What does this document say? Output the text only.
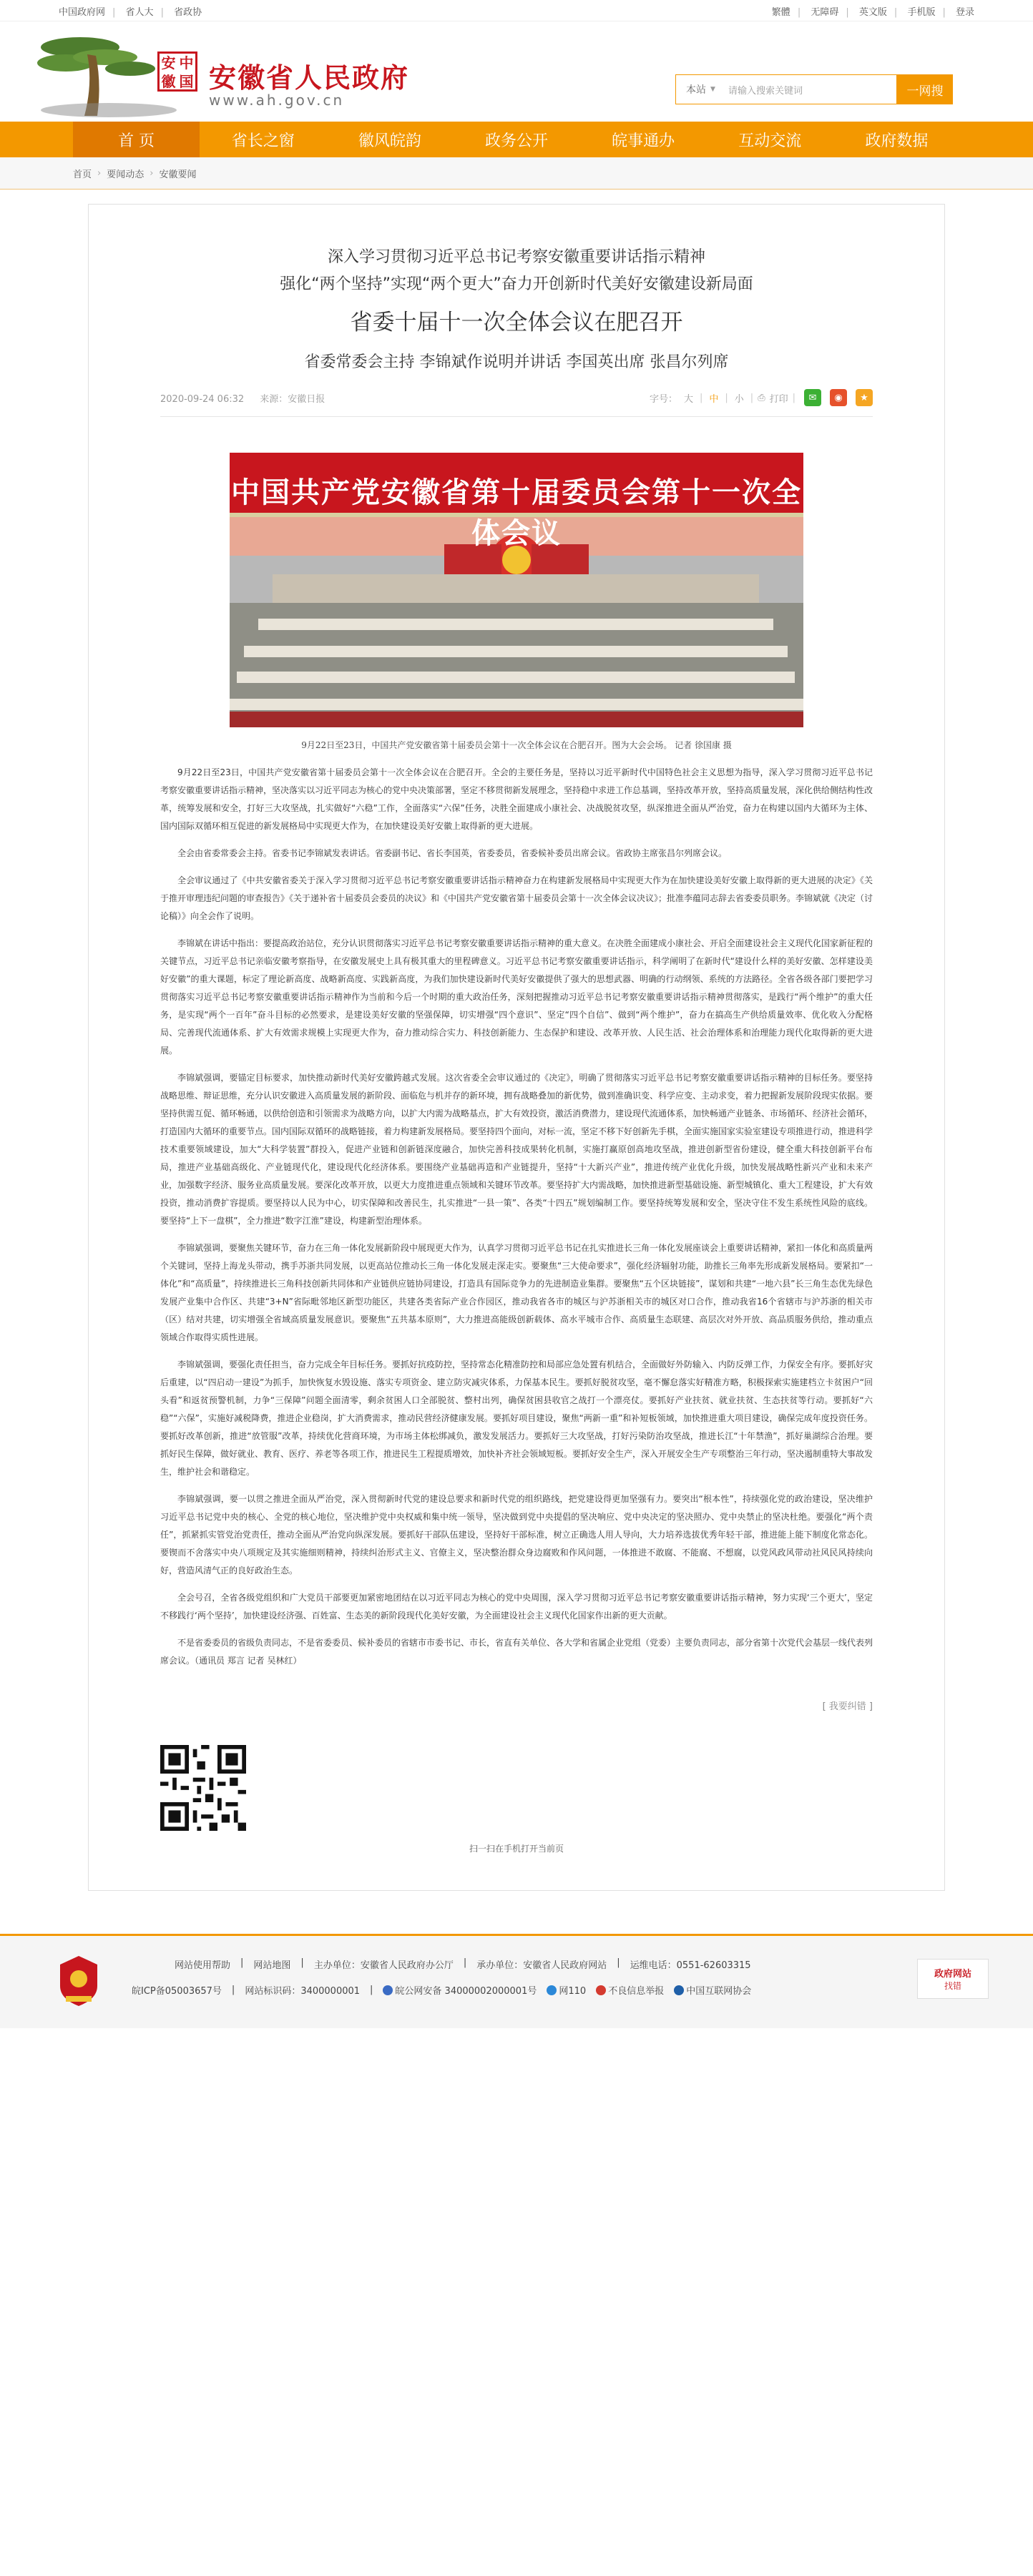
中国政府网 | 省人大 | 省政协	繁體 | 无障碍 | 英文版 | 手机版 | 登录
安 中
徽 国 安徽省人民政府
www.ah.gov.cn
本站 ▼ 请输入搜索关键词	一网搜
首 页	省长之窗	徽风皖韵	政务公开	皖事通办	互动交流	政府数据
首页 › 要闻动态 › 安徽要闻
深入学习贯彻习近平总书记考察安徽重要讲话指示精神
强化“两个坚持”实现“两个更大”奋力开创新时代美好安徽建设新局面
省委十届十一次全体会议在肥召开
省委常委会主持 李锦斌作说明并讲话 李国英出席 张昌尔列席
2020-09-24 06:32 来源：安徽日报	字号： 大 | 中 | 小 | ⎙ 打印 |	✉	◉	★
中国共产党安徽省第十届委员会第十一次全体会议
9月22日至23日，中国共产党安徽省第十届委员会第十一次全体会议在合肥召开。图为大会会场。 记者 徐国康 摄

9月22日至23日，中国共产党安徽省第十届委员会第十一次全体会议在合肥召开。全会的主要任务是，坚持以习近平新时代中国特色社会主义思想为指导，深入学习贯彻习近平总书记考察安徽重要讲话指示精神，坚决落实以习近平同志为核心的党中央决策部署，坚定不移贯彻新发展理念，坚持稳中求进工作总基调，坚持改革开放，坚持高质量发展，深化供给侧结构性改革，统筹发展和安全，打好三大攻坚战，扎实做好“六稳”工作，全面落实“六保”任务，决胜全面建成小康社会、决战脱贫攻坚，纵深推进全面从严治党，奋力在构建以国内大循环为主体、国内国际双循环相互促进的新发展格局中实现更大作为，在加快建设美好安徽上取得新的更大进展。

全会由省委常委会主持。省委书记李锦斌发表讲话。省委副书记、省长李国英，省委委员，省委候补委员出席会议。省政协主席张昌尔列席会议。

全会审议通过了《中共安徽省委关于深入学习贯彻习近平总书记考察安徽重要讲话指示精神奋力在构建新发展格局中实现更大作为在加快建设美好安徽上取得新的更大进展的决定》《关于推开审理违纪问题的审查报告》《关于递补省十届委员会委员的决议》和《中国共产党安徽省第十届委员会第十一次全体会议决议》；批准李蕴同志辞去省委委员职务。李锦斌就《决定（讨论稿）》向全会作了说明。

李锦斌在讲话中指出：要提高政治站位，充分认识贯彻落实习近平总书记考察安徽重要讲话指示精神的重大意义。在决胜全面建成小康社会、开启全面建设社会主义现代化国家新征程的关键节点，习近平总书记亲临安徽考察指导，在安徽发展史上具有极其重大的里程碑意义。习近平总书记考察安徽重要讲话指示，科学阐明了在新时代“建设什么样的美好安徽、怎样建设美好安徽”的重大课题，标定了理论新高度、战略新高度、实践新高度，为我们加快建设新时代美好安徽提供了强大的思想武器、明确的行动纲领、系统的方法路径。全省各级各部门要把学习贯彻落实习近平总书记考察安徽重要讲话指示精神作为当前和今后一个时期的重大政治任务，深刻把握推动习近平总书记考察安徽重要讲话指示精神贯彻落实，是践行“两个维护”的重大任务，是实现“两个一百年”奋斗目标的必然要求，是建设美好安徽的坚强保障，切实增强“四个意识”、坚定“四个自信”、做到“两个维护”，奋力在搞高生产供给质量效率、优化收入分配格局、完善现代流通体系、扩大有效需求规模上实现更大作为，奋力推动综合实力、科技创新能力、生态保护和建设、改革开放、人民生活、社会治理体系和治理能力现代化取得新的更大进展。

李锦斌强调，要锚定目标要求，加快推动新时代美好安徽跨越式发展。这次省委全会审议通过的《决定》，明确了贯彻落实习近平总书记考察安徽重要讲话指示精神的目标任务。要坚持战略思维、辩证思维，充分认识安徽进入高质量发展的新阶段、面临危与机并存的新环境，拥有战略叠加的新优势，做到准确识变、科学应变、主动求变，着力把握新发展阶段现实依据。要坚持供需互促、循环畅通，以供给创造和引领需求为战略方向，以扩大内需为战略基点，扩大有效投资，激活消费潜力，建设现代流通体系，加快畅通产业链条、市场循环、经济社会循环，打造国内大循环的重要节点。国内国际双循环的战略链接，着力构建新发展格局。要坚持四个面向，对标一流，坚定不移下好创新先手棋，全面实施国家实验室建设专项推进行动，推进科学技术重要领域建设，加大“大科学装置”群投入，促进产业链和创新链深度融合，加快完善科技成果转化机制，实施打赢原创高地攻坚战，推进创新型省份建设，健全重大科技创新平台布局，推进产业基础高级化、产业链现代化，建设现代化经济体系。要围绕产业基础再造和产业链提升，坚持“十大新兴产业”，推进传统产业优化升级，加快发展战略性新兴产业和未来产业，加强数字经济、服务业高质量发展。要深化改革开放，以更大力度推进重点领域和关键环节改革。要坚持扩大内需战略，加快推进新型基础设施、新型城镇化、重大工程建设，扩大有效投资，推动消费扩容提质。要坚持以人民为中心，切实保障和改善民生，扎实推进“一县一策”、各类“十四五”规划编制工作。要坚持统筹发展和安全，坚决守住不发生系统性风险的底线。要坚持“上下一盘棋”，全力推进“数字江淮”建设，构建新型治理体系。

李锦斌强调，要聚焦关键环节，奋力在三角一体化发展新阶段中展现更大作为，认真学习贯彻习近平总书记在扎实推进长三角一体化发展座谈会上重要讲话精神，紧扣一体化和高质量两个关键词，坚持上海龙头带动，携手苏浙共同发展，以更高站位推动长三角一体化发展走深走实。要聚焦“三大使命要求”，强化经济辐射功能，助推长三角率先形成新发展格局。要紧扣“一体化”和“高质量”，持续推进长三角科技创新共同体和产业链供应链协同建设，打造具有国际竞争力的先进制造业集群。要聚焦“五个区块链接”，谋划和共建“一地六县”长三角生态优先绿色发展产业集中合作区、共建“3+N”省际毗邻地区新型功能区，共建各类省际产业合作园区，推动我省各市的城区与沪苏浙相关市的城区对口合作，推动我省16个省辖市与沪苏浙的相关市（区）结对共建，切实增强全省域高质量发展意识。要聚焦“五共基本原则”，大力推进高能级创新载体、高水平城市合作、高质量生态联建、高层次对外开放、高品质服务供给，推动重点领域合作取得实质性进展。

李锦斌强调，要强化责任担当，奋力完成全年目标任务。要抓好抗疫防控，坚持常态化精准防控和局部应急处置有机结合，全面做好外防输入、内防反弹工作，力保安全有序。要抓好灾后重建，以“四启动一建设”为抓手，加快恢复水毁设施、落实专项资金、建立防灾减灾体系，力保基本民生。要抓好脱贫攻坚，毫不懈怠落实好精准方略，积极探索实施建档立卡贫困户“回头看”和返贫预警机制，力争“三保障”问题全面清零，剩余贫困人口全部脱贫、整村出列，确保贫困县收官之战打一个漂亮仗。要抓好产业扶贫、就业扶贫、生态扶贫等行动。要抓好“六稳”“六保”，实施好减税降费，推进企业稳岗，扩大消费需求，推动民营经济健康发展。要抓好项目建设，聚焦“两新一重”和补短板领域，加快推进重大项目建设，确保完成年度投资任务。要抓好改革创新，推进“放管服”改革，持续优化营商环境，为市场主体松绑减负，激发发展活力。要抓好三大攻坚战，打好污染防治攻坚战，推进长江“十年禁渔”，抓好巢湖综合治理。要抓好民生保障，做好就业、教育、医疗、养老等各项工作，推进民生工程提质增效，加快补齐社会领域短板。要抓好安全生产，深入开展安全生产专项整治三年行动，坚决遏制重特大事故发生，维护社会和谐稳定。

李锦斌强调，要一以贯之推进全面从严治党，深入贯彻新时代党的建设总要求和新时代党的组织路线，把党建设得更加坚强有力。要突出“根本性”，持续强化党的政治建设，坚决维护习近平总书记党中央的核心、全党的核心地位，坚决维护党中央权威和集中统一领导，坚决做到党中央提倡的坚决响应、党中央决定的坚决照办、党中央禁止的坚决杜绝。要强化“两个责任”，抓紧抓实管党治党责任，推动全面从严治党向纵深发展。要抓好干部队伍建设，坚持好干部标准，树立正确选人用人导向，大力培养选拔优秀年轻干部，推进能上能下制度化常态化。要锲而不舍落实中央八项规定及其实施细则精神，持续纠治形式主义、官僚主义，坚决整治群众身边腐败和作风问题，一体推进不敢腐、不能腐、不想腐，以党风政风带动社风民风持续向好，营造风清气正的良好政治生态。

全会号召，全省各级党组织和广大党员干部要更加紧密地团结在以习近平同志为核心的党中央周围，深入学习贯彻习近平总书记考察安徽重要讲话指示精神，努力实现‘三个更大’，坚定不移践行‘两个坚持’，加快建设经济强、百姓富、生态美的新阶段现代化美好安徽，为全面建设社会主义现代化国家作出新的更大贡献。

不是省委委员的省级负责同志，不是省委委员、候补委员的省辖市市委书记、市长，省直有关单位、各大学和省属企业党组（党委）主要负责同志，部分省第十次党代会基层一线代表列席会议。（通讯员 郑言 记者 吴林红）

[ 我要纠错 ]
扫一扫在手机打开当前页
网站使用帮助 | 网站地图 | 主办单位：安徽省人民政府办公厅 | 承办单位：安徽省人民政府网站 | 运维电话：0551-62603315
皖ICP备05003657号 | 网站标识码：3400000001 |	皖公网安备 34000002000001号	网110	不良信息举报	中国互联网协会
政府网站
找错
